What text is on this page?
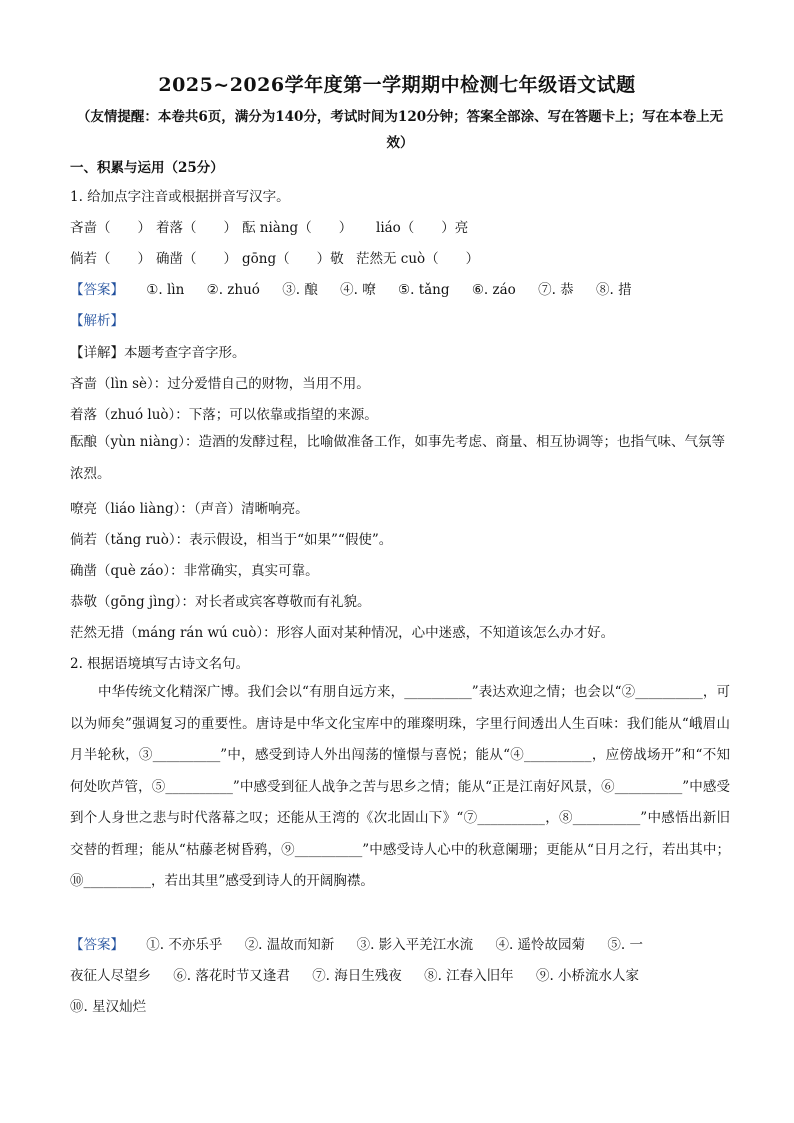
2025~2026学年度第一学期期中检测七年级语文试题
（友情提醒：本卷共6页，满分为140分，考试时间为120分钟；答案全部涂、写在答题卡上；写在本卷上无效）
一、积累与运用（25分）
1. 给加点字注音或根据拼音写汉字。
吝啬（　　） 着落（　　） 酝 niàng（　　） liáo（　　）亮
倘若（　　） 确凿（　　） gōng（　　）敬 茫然无 cuò（　　）
【答案】 ①. lìn ②. zhuó ③. 酿 ④. 嘹 ⑤. tǎng ⑥. záo ⑦. 恭 ⑧. 措
【解析】
【详解】本题考查字音字形。
吝啬（lìn sè）：过分爱惜自己的财物，当用不用。
着落（zhuó luò）：下落；可以依靠或指望的来源。
酝酿（yùn niàng）：造酒的发酵过程，比喻做准备工作，如事先考虑、商量、相互协调等；也指气味、气氛等浓烈。
嘹亮（liáo liàng）：（声音）清晰响亮。
倘若（tǎng ruò）：表示假设，相当于“如果”“假使”。
确凿（què záo）：非常确实，真实可靠。
恭敬（gōng jìng）：对长者或宾客尊敬而有礼貌。
茫然无措（máng rán wú cuò）：形容人面对某种情况，心中迷惑，不知道该怎么办才好。
2. 根据语境填写古诗文名句。
中华传统文化精深广博。我们会以“有朋自远方来，__________”表达欢迎之情；也会以“②__________，可以为师矣”强调复习的重要性。唐诗是中华文化宝库中的璀璨明珠，字里行间透出人生百味：我们能从“峨眉山月半轮秋，③__________”中，感受到诗人外出闯荡的憧憬与喜悦；能从“④__________，应傍战场开”和“不知何处吹芦管，⑤__________”中感受到征人战争之苦与思乡之情；能从“正是江南好风景，⑥__________”中感受到个人身世之悲与时代落幕之叹；还能从王湾的《次北固山下》“⑦__________，⑧__________”中感悟出新旧交替的哲理；能从“枯藤老树昏鸦，⑨__________”中感受诗人心中的秋意阑珊；更能从“日月之行，若出其中；⑩__________，若出其里”感受到诗人的开阔胸襟。
【答案】 ①. 不亦乐乎 ②. 温故而知新 ③. 影入平羌江水流 ④. 遥怜故园菊 ⑤. 一
夜征人尽望乡 ⑥. 落花时节又逢君 ⑦. 海日生残夜 ⑧. 江春入旧年 ⑨. 小桥流水人家
⑩. 星汉灿烂
